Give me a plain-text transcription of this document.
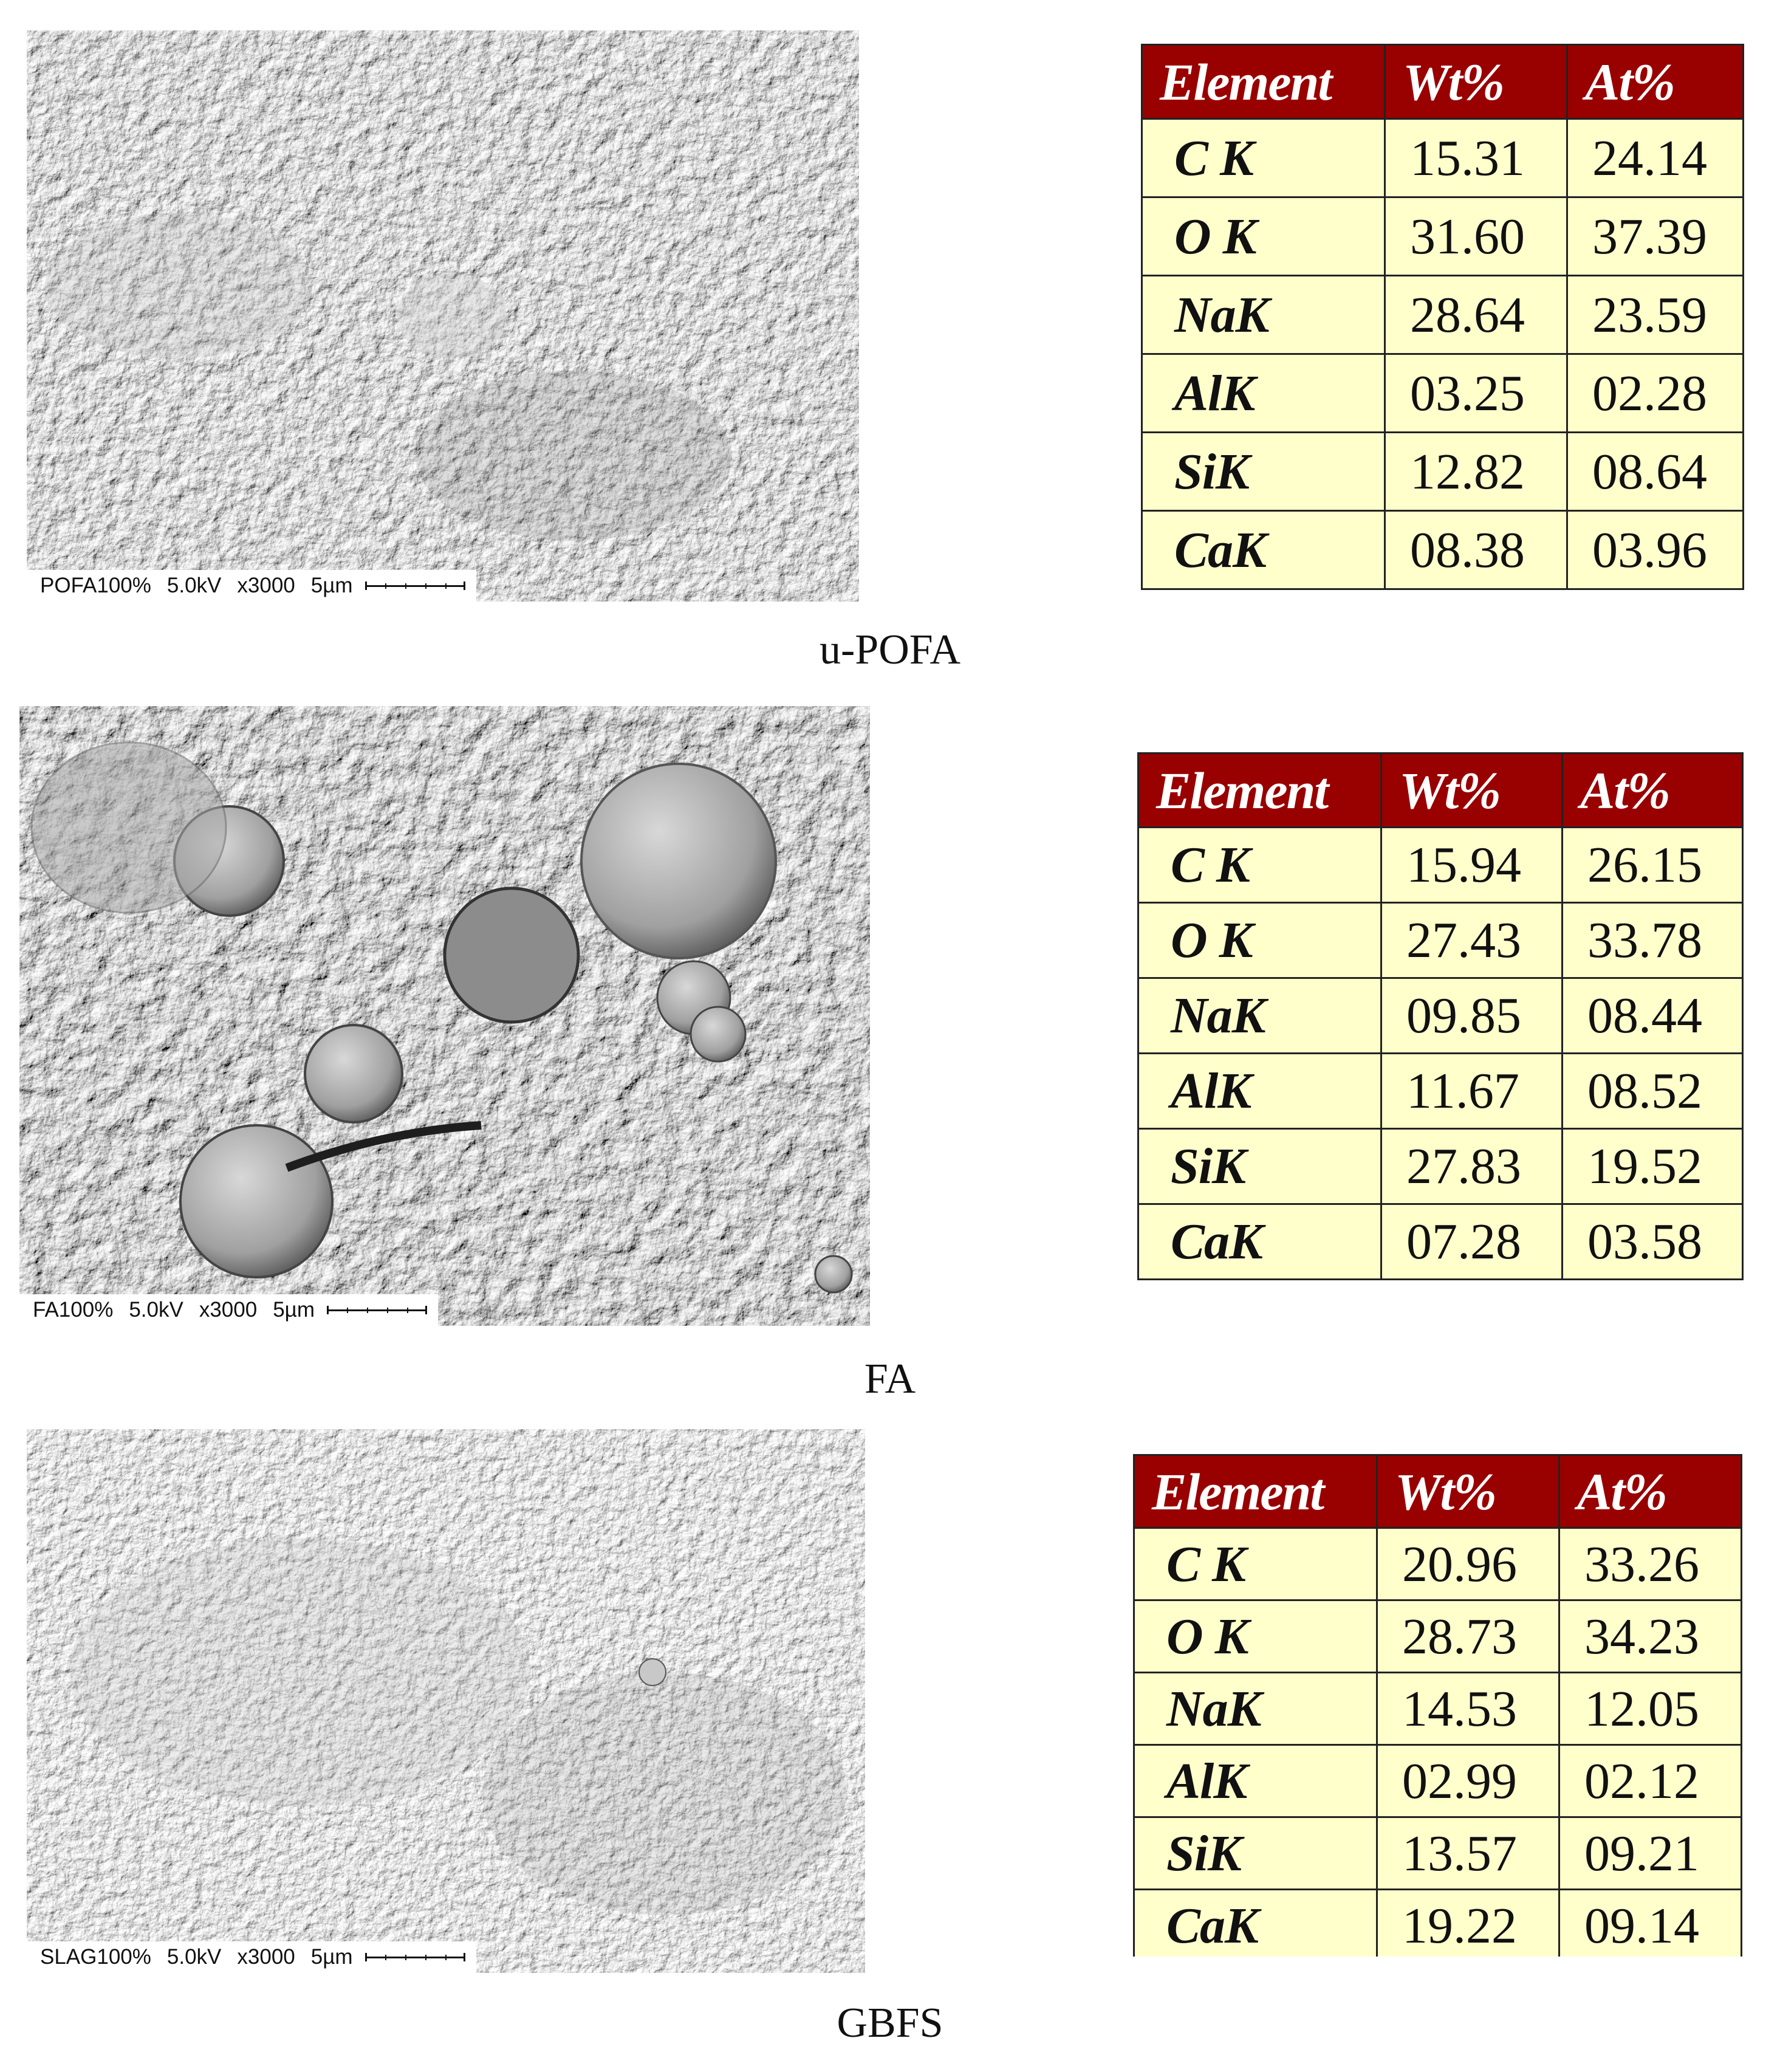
POFA100% 5.0kV x3000 5µm
Element	Wt%	At%
C K	15.31	24.14
O K	31.60	37.39
NaK	28.64	23.59
AlK	03.25	02.28
SiK	12.82	08.64
CaK	08.38	03.96
u-POFA
FA100% 5.0kV x3000 5µm
Element	Wt%	At%
C K	15.94	26.15
O K	27.43	33.78
NaK	09.85	08.44
AlK	11.67	08.52
SiK	27.83	19.52
CaK	07.28	03.58
FA
SLAG100% 5.0kV x3000 5µm
Element	Wt%	At%
C K	20.96	33.26
O K	28.73	34.23
NaK	14.53	12.05
AlK	02.99	02.12
SiK	13.57	09.21
CaK	19.22	09.14
GBFS
